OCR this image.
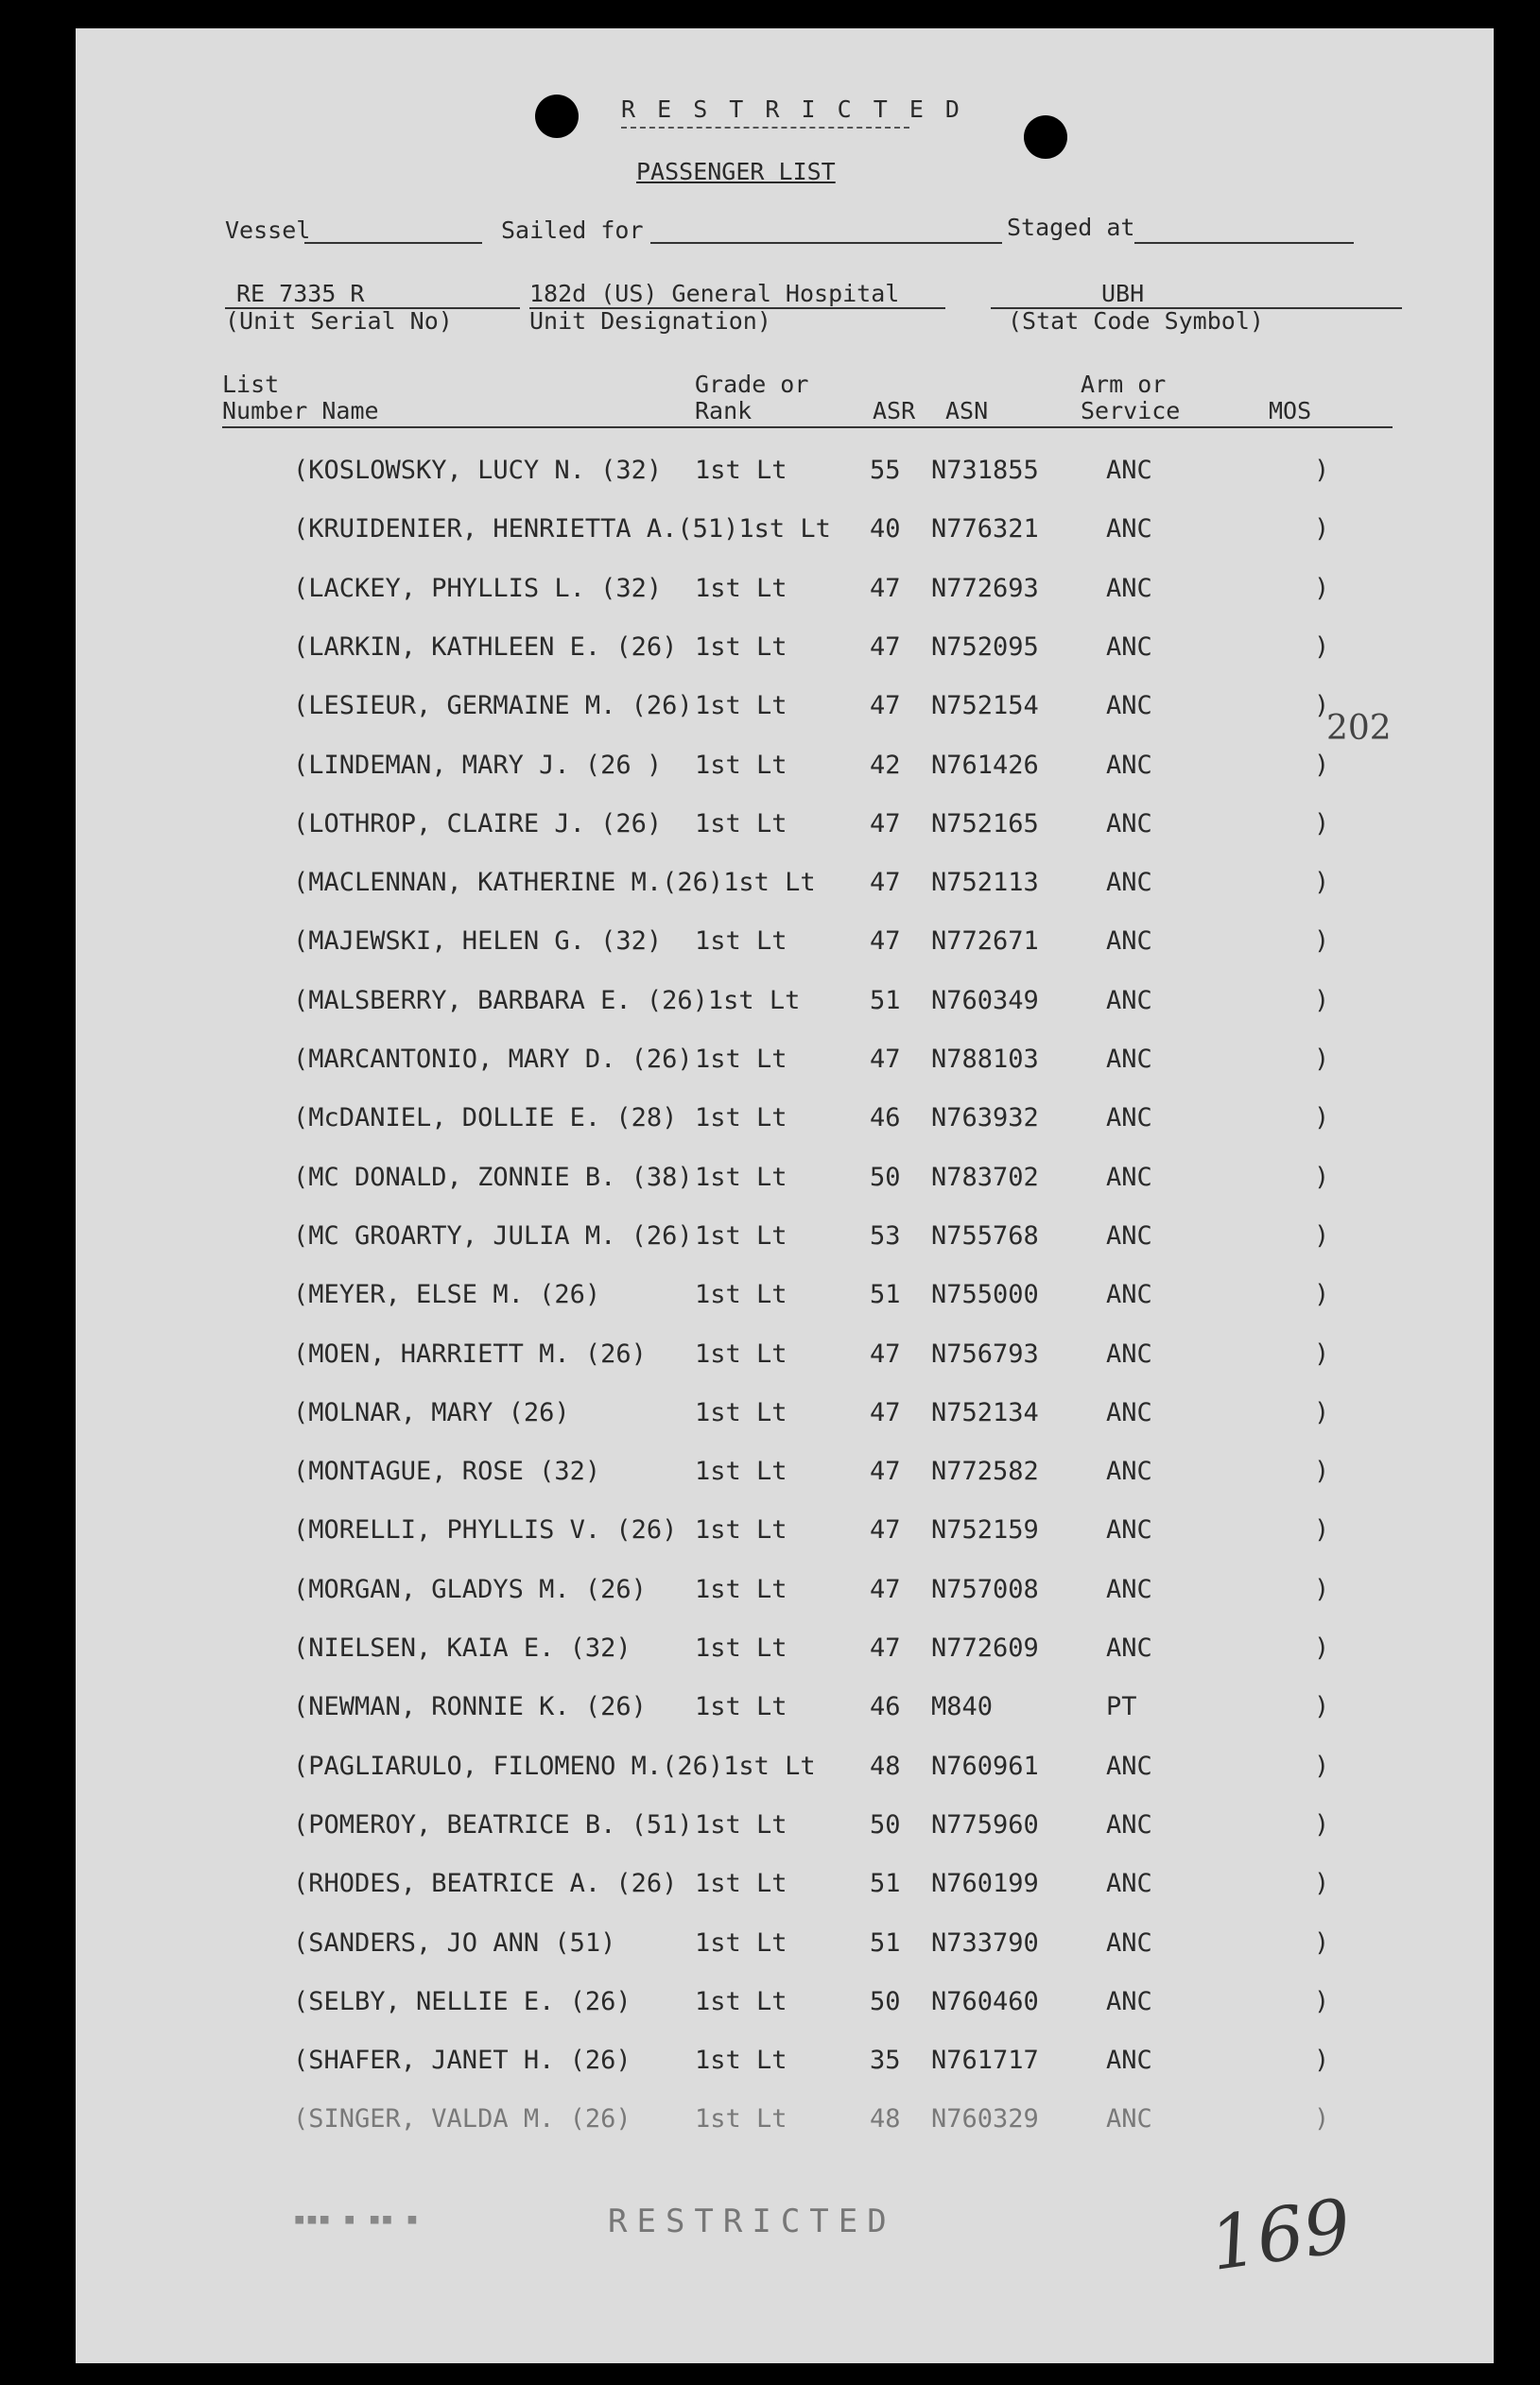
R E S T R I C T E D
PASSENGER LIST
Vessel	Sailed for	Staged at
RE 7335 R
(Unit Serial No)
182d (US) General Hospital
Unit Designation)
UBH
(Stat Code Symbol)
List
Number Name
Grade or
Rank	ASR ASN
Arm or
Service	MOS
(KOSLOWSKY, LUCY N. (32) 1st Lt	55 N731855	ANC	)
(KRUIDENIER, HENRIETTA A.(51)1st Lt 40 N776321	ANC	)
(LACKEY, PHYLLIS L. (32) 1st Lt	47 N772693	ANC	)
(LARKIN, KATHLEEN E. (26) 1st Lt	47 N752095	ANC	)
(LESIEUR, GERMAINE M. (26) 1st Lt	47 N752154	ANC	)
(LINDEMAN, MARY J. (26 ) 1st Lt	42 N761426	ANC	)
(LOTHROP, CLAIRE J. (26) 1st Lt	47 N752165	ANC	)
(MACLENNAN, KATHERINE M.(26)1st Lt 47 N752113	ANC	)
(MAJEWSKI, HELEN G. (32) 1st Lt	47 N772671	ANC	)
(MALSBERRY, BARBARA E. (26)1st Lt	51 N760349	ANC	)
(MARCANTONIO, MARY D. (26) 1st Lt	47 N788103	ANC	)
(McDANIEL, DOLLIE E. (28) 1st Lt	46 N763932	ANC	)
(MC DONALD, ZONNIE B. (38) 1st Lt	50 N783702	ANC	)
(MC GROARTY, JULIA M. (26) 1st Lt	53 N755768	ANC	)
(MEYER, ELSE M. (26)	1st Lt	51 N755000	ANC	)
(MOEN, HARRIETT M. (26) 1st Lt	47 N756793	ANC	)
(MOLNAR, MARY (26)	1st Lt	47 N752134	ANC	)
(MONTAGUE, ROSE (32)	1st Lt	47 N772582	ANC	)
(MORELLI, PHYLLIS V. (26) 1st Lt	47 N752159	ANC	)
(MORGAN, GLADYS M. (26) 1st Lt	47 N757008	ANC	)
(NIELSEN, KAIA E. (32) 1st Lt	47 N772609	ANC	)
(NEWMAN, RONNIE K. (26) 1st Lt	46 M840	PT	)
(PAGLIARULO, FILOMENO M.(26)1st Lt 48 N760961	ANC	)
(POMEROY, BEATRICE B. (51) 1st Lt	50 N775960	ANC	)
(RHODES, BEATRICE A. (26) 1st Lt	51 N760199	ANC	)
(SANDERS, JO ANN (51)	1st Lt	51 N733790	ANC	)
(SELBY, NELLIE E. (26) 1st Lt	50 N760460	ANC	)
(SHAFER, JANET H. (26) 1st Lt	35 N761717	ANC	)
(SINGER, VALDA M. (26) 1st Lt	48 N760329	ANC	)
202
▪▪▪ ▪ ▪▪ ▪	RESTRICTED	169
